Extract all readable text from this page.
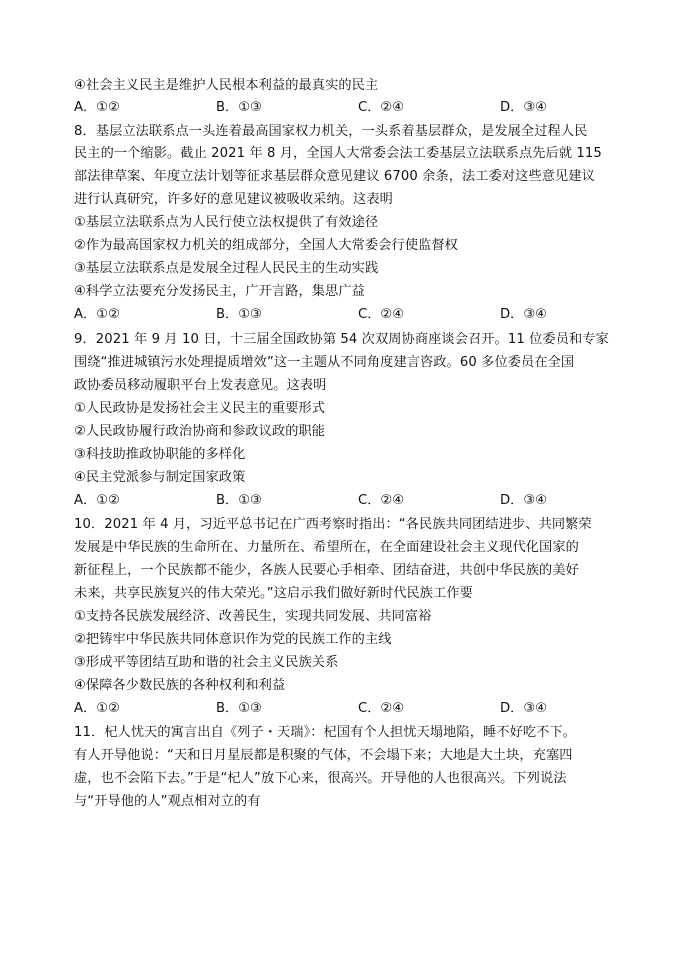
④社会主义民主是维护人民根本利益的最真实的民主
A．①②	B．①③	C．②④	D．③④
8．基层立法联系点一头连着最高国家权力机关，一头系着基层群众，是发展全过程人民
民主的一个缩影。截止 2021 年 8 月，全国人大常委会法工委基层立法联系点先后就 115
部法律草案、年度立法计划等征求基层群众意见建议 6700 余条，法工委对这些意见建议
进行认真研究，许多好的意见建议被吸收采纳。这表明
①基层立法联系点为人民行使立法权提供了有效途径
②作为最高国家权力机关的组成部分，全国人大常委会行使监督权
③基层立法联系点是发展全过程人民民主的生动实践
④科学立法要充分发扬民主，广开言路，集思广益
A．①②	B．①③	C．②④	D．③④
9．2021 年 9 月 10 日，十三届全国政协第 54 次双周协商座谈会召开。11 位委员和专家
围绕“推进城镇污水处理提质增效”这一主题从不同角度建言咨政。60 多位委员在全国
政协委员移动履职平台上发表意见。这表明
①人民政协是发扬社会主义民主的重要形式
②人民政协履行政治协商和参政议政的职能
③科技助推政协职能的多样化
④民主党派参与制定国家政策
A．①②	B．①③	C．②④	D．③④
10．2021 年 4 月，习近平总书记在广西考察时指出：“各民族共同团结进步、共同繁荣
发展是中华民族的生命所在、力量所在、希望所在，在全面建设社会主义现代化国家的
新征程上，一个民族都不能少，各族人民要心手相牵、团结奋进，共创中华民族的美好
未来，共享民族复兴的伟大荣光。”这启示我们做好新时代民族工作要
①支持各民族发展经济、改善民生，实现共同发展、共同富裕
②把铸牢中华民族共同体意识作为党的民族工作的主线
③形成平等团结互助和谐的社会主义民族关系
④保障各少数民族的各种权利和利益
A．①②	B．①③	C．②④	D．③④
11．杞人忧天的寓言出自《列子・天瑞》：杞国有个人担忧天塌地陷，睡不好吃不下。
有人开导他说：“天和日月星辰都是积聚的气体，不会塌下来；大地是大土块，充塞四
虚，也不会陷下去。”于是“杞人”放下心来，很高兴。开导他的人也很高兴。下列说法
与“开导他的人”观点相对立的有
